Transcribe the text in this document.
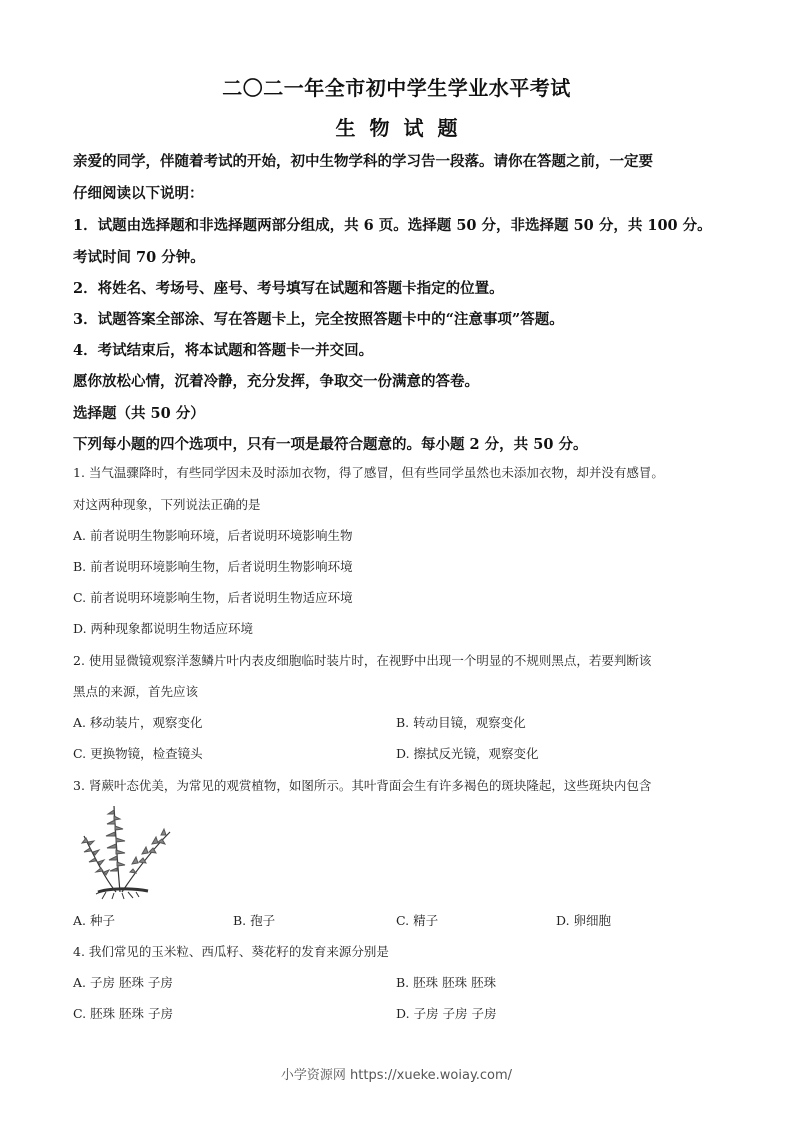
二〇二一年全市初中学生学业水平考试
生物试题
亲爱的同学，伴随着考试的开始，初中生物学科的学习告一段落。请你在答题之前，一定要
仔细阅读以下说明：
1．试题由选择题和非选择题两部分组成，共 6 页。选择题 50 分，非选择题 50 分，共 100 分。
考试时间 70 分钟。
2．将姓名、考场号、座号、考号填写在试题和答题卡指定的位置。
3．试题答案全部涂、写在答题卡上，完全按照答题卡中的“注意事项”答题。
4．考试结束后，将本试题和答题卡一并交回。
愿你放松心情，沉着冷静，充分发挥，争取交一份满意的答卷。
选择题（共 50 分）
下列每小题的四个选项中，只有一项是最符合题意的。每小题 2 分，共 50 分。
1. 当气温骤降时，有些同学因未及时添加衣物，得了感冒，但有些同学虽然也未添加衣物，却并没有感冒。
对这两种现象，下列说法正确的是
A. 前者说明生物影响环境，后者说明环境影响生物
B. 前者说明环境影响生物，后者说明生物影响环境
C. 前者说明环境影响生物，后者说明生物适应环境
D. 两种现象都说明生物适应环境
2. 使用显微镜观察洋葱鳞片叶内表皮细胞临时装片时，在视野中出现一个明显的不规则黑点，若要判断该
黑点的来源，首先应该
A. 移动装片，观察变化	B. 转动目镜，观察变化
C. 更换物镜，检查镜头	D. 擦拭反光镜，观察变化
3. 肾蕨叶态优美，为常见的观赏植物，如图所示。其叶背面会生有许多褐色的斑块隆起，这些斑块内包含
A. 种子	B. 孢子	C. 精子	D. 卵细胞
4. 我们常见的玉米粒、西瓜籽、葵花籽的发育来源分别是
A. 子房 胚珠 子房	B. 胚珠 胚珠 胚珠
C. 胚珠 胚珠 子房	D. 子房 子房 子房
小学资源网 https://xueke.woiay.com/
